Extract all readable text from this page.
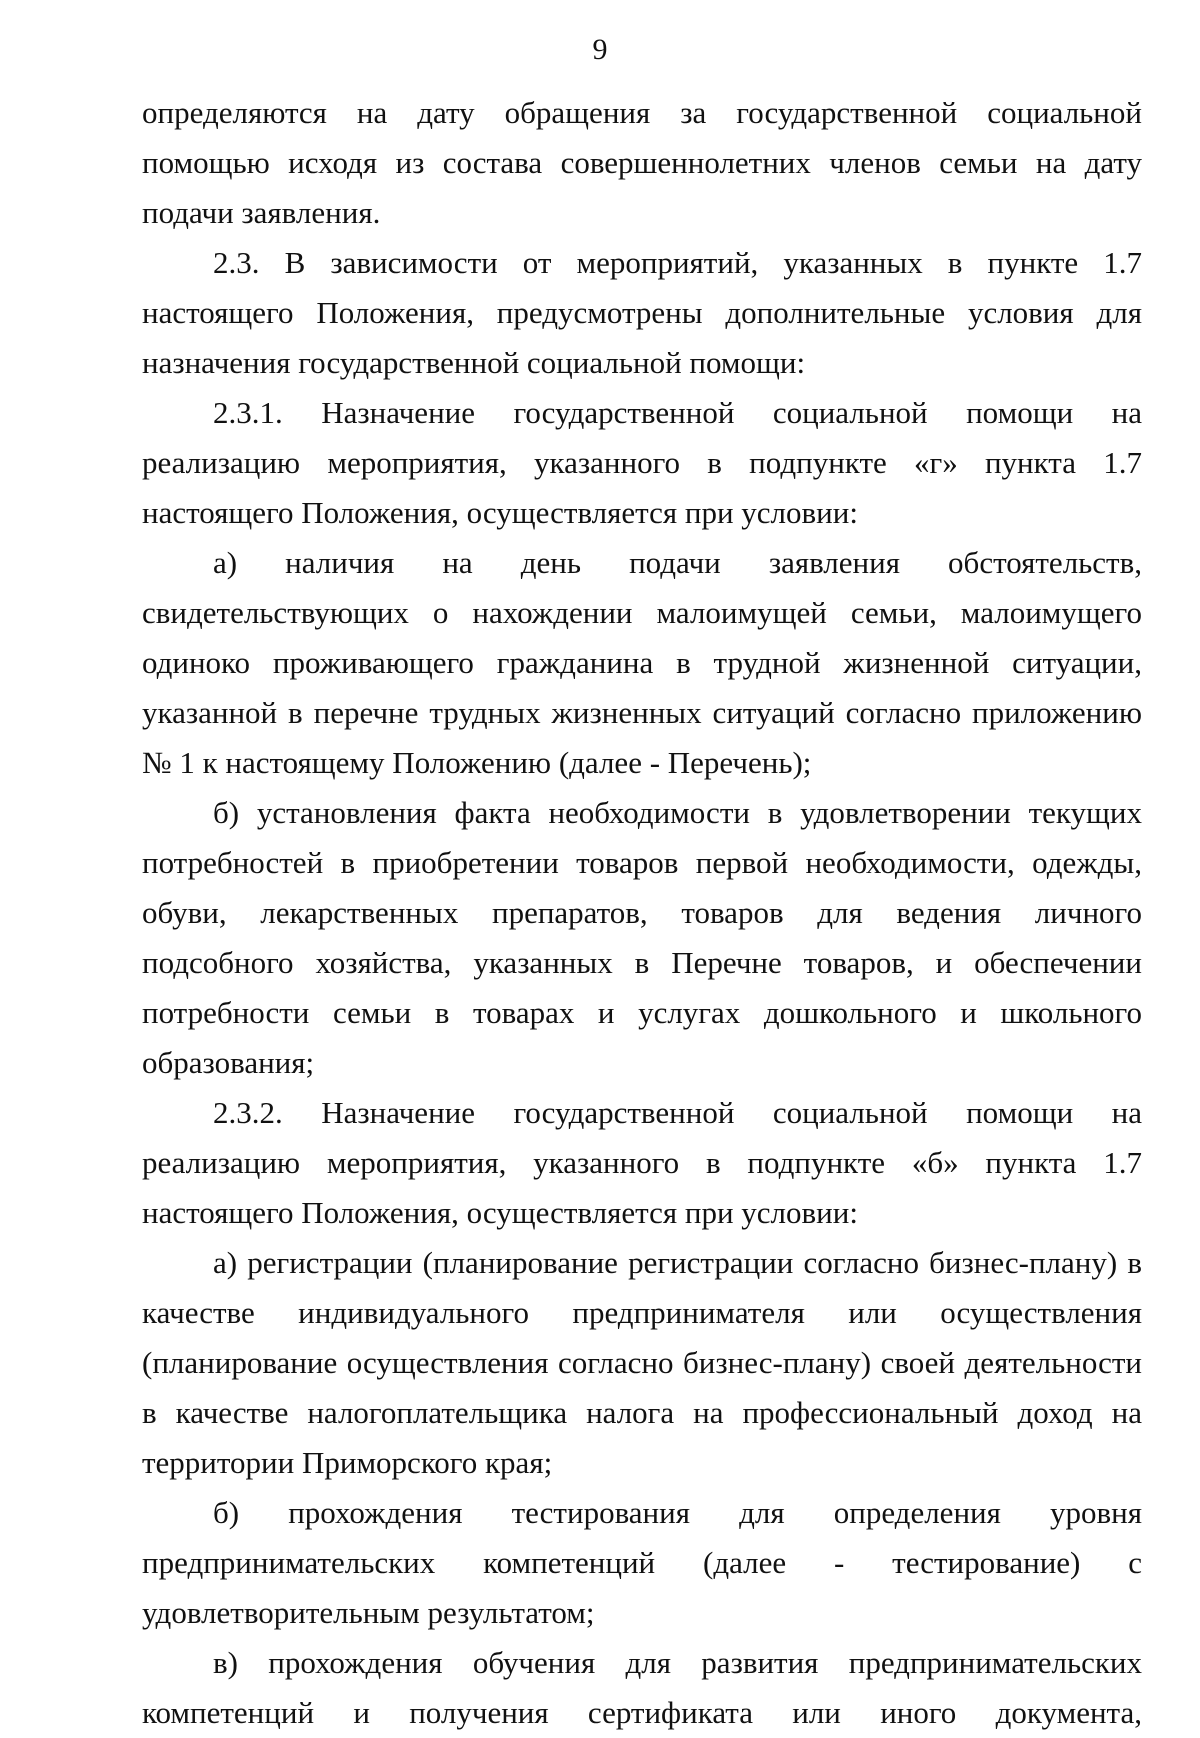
9

определяются на дату обращения за государственной социальной помощью исходя из состава совершеннолетних членов семьи на дату подачи заявления.

2.3. В зависимости от мероприятий, указанных в пункте 1.7 настоящего Положения, предусмотрены дополнительные условия для назначения государственной социальной помощи:

2.3.1. Назначение государственной социальной помощи на реализацию мероприятия, указанного в подпункте «г» пункта 1.7 настоящего Положения, осуществляется при условии:

а) наличия на день подачи заявления обстоятельств, свидетельствующих о нахождении малоимущей семьи, малоимущего одиноко проживающего гражданина в трудной жизненной ситуации, указанной в перечне трудных жизненных ситуаций согласно приложению № 1 к настоящему Положению (далее - Перечень);

б) установления факта необходимости в удовлетворении текущих потребностей в приобретении товаров первой необходимости, одежды, обуви, лекарственных препаратов, товаров для ведения личного подсобного хозяйства, указанных в Перечне товаров, и обеспечении потребности семьи в товарах и услугах дошкольного и школьного образования;

2.3.2. Назначение государственной социальной помощи на реализацию мероприятия, указанного в подпункте «б» пункта 1.7 настоящего Положения, осуществляется при условии:

а) регистрации (планирование регистрации согласно бизнес-плану) в качестве индивидуального предпринимателя или осуществления (планирование осуществления согласно бизнес-плану) своей деятельности в качестве налогоплательщика налога на профессиональный доход на территории Приморского края;

б) прохождения тестирования для определения уровня предпринимательских компетенций (далее - тестирование) с удовлетворительным результатом;

в) прохождения обучения для развития предпринимательских компетенций и получения сертификата или иного документа,
